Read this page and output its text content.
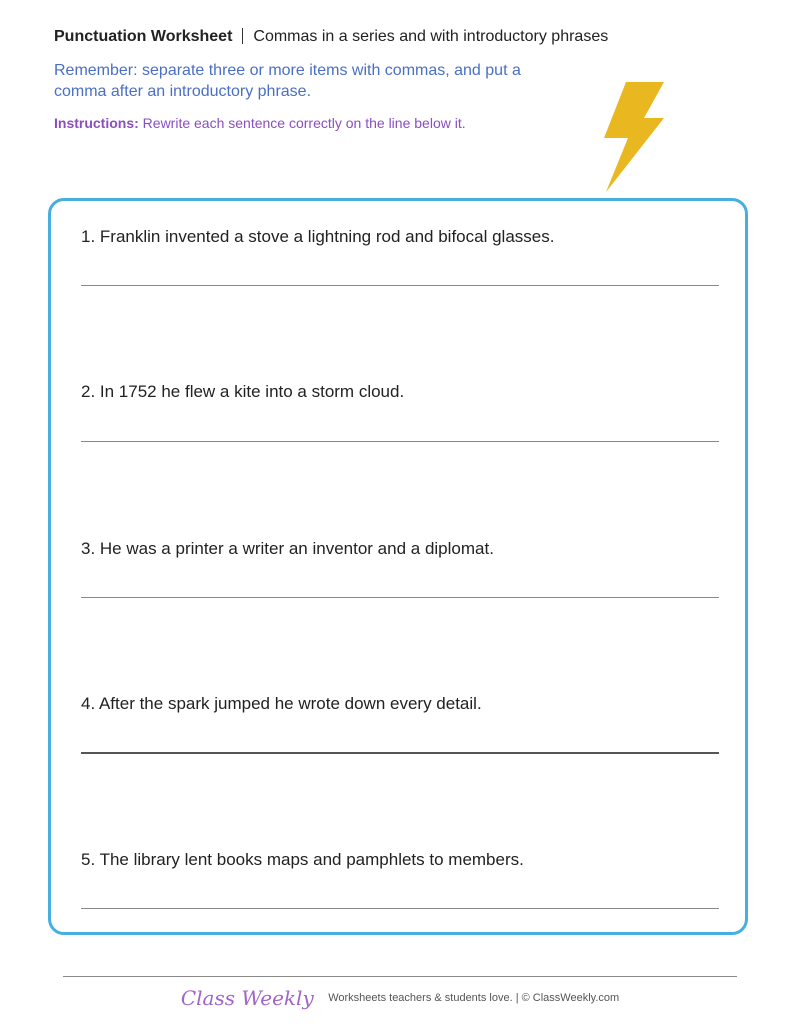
Punctuation Worksheet Commas in a series and with introductory phrases
Remember: separate three or more items with commas, and put a comma after an introductory phrase.
Instructions: Rewrite each sentence correctly on the line below it.
1. Franklin invented a stove a lightning rod and bifocal glasses.
2. In 1752 he flew a kite into a storm cloud.
3. He was a printer a writer an inventor and a diplomat.
4. After the spark jumped he wrote down every detail.
5. The library lent books maps and pamphlets to members.
Class Weekly Worksheets teachers & students love. | © ClassWeekly.com
